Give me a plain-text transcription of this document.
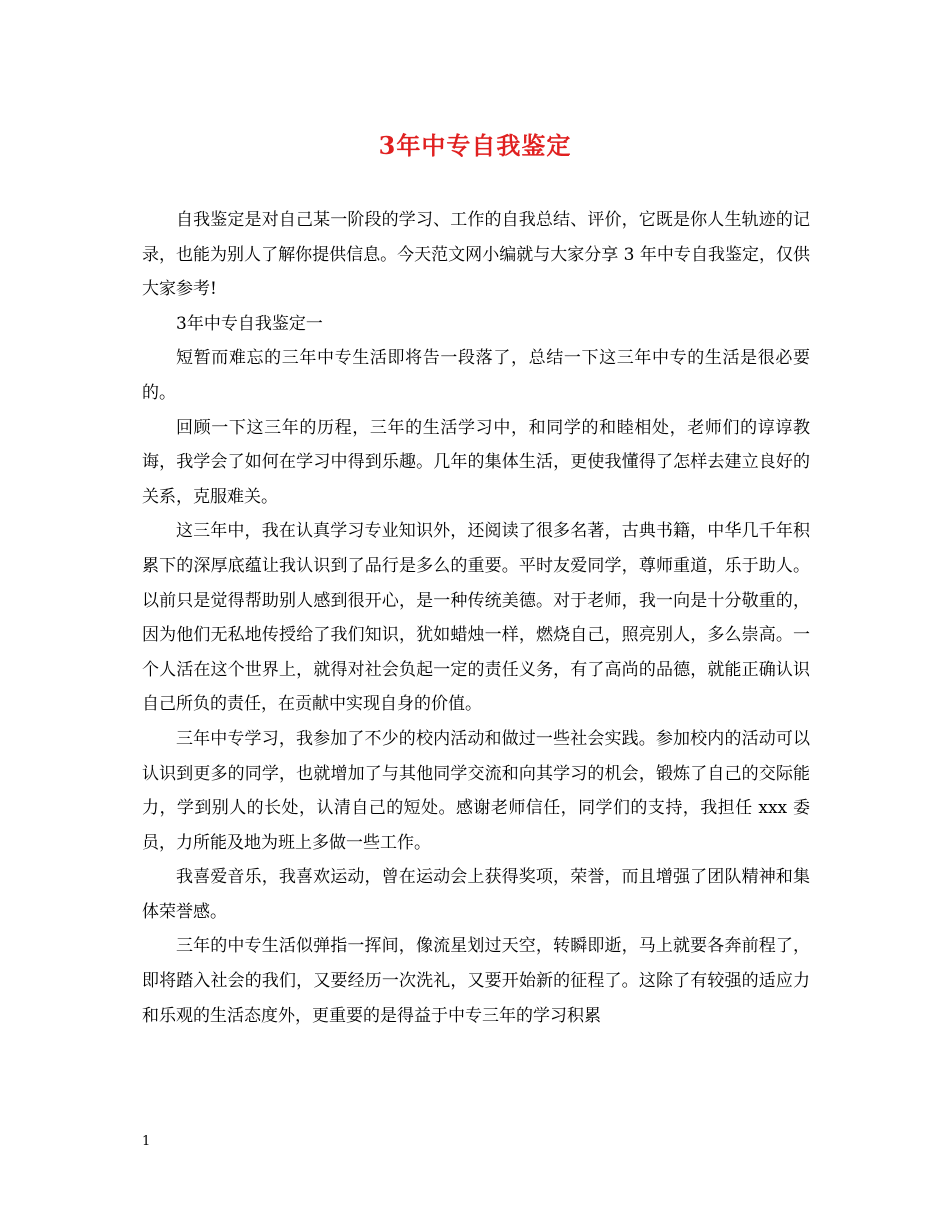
3年中专自我鉴定

自我鉴定是对自己某一阶段的学习、工作的自我总结、评价，它既是你人生轨迹的记录，也能为别人了解你提供信息。今天范文网小编就与大家分享 3 年中专自我鉴定，仅供大家参考!

3年中专自我鉴定一

短暂而难忘的三年中专生活即将告一段落了，总结一下这三年中专的生活是很必要的。

回顾一下这三年的历程，三年的生活学习中，和同学的和睦相处，老师们的谆谆教诲，我学会了如何在学习中得到乐趣。几年的集体生活，更使我懂得了怎样去建立良好的关系，克服难关。

这三年中，我在认真学习专业知识外，还阅读了很多名著，古典书籍，中华几千年积累下的深厚底蕴让我认识到了品行是多么的重要。平时友爱同学，尊师重道，乐于助人。以前只是觉得帮助别人感到很开心，是一种传统美德。对于老师，我一向是十分敬重的，因为他们无私地传授给了我们知识，犹如蜡烛一样，燃烧自己，照亮别人，多么崇高。一个人活在这个世界上，就得对社会负起一定的责任义务，有了高尚的品德，就能正确认识自己所负的责任，在贡献中实现自身的价值。

三年中专学习，我参加了不少的校内活动和做过一些社会实践。参加校内的活动可以认识到更多的同学，也就增加了与其他同学交流和向其学习的机会，锻炼了自己的交际能力，学到别人的长处，认清自己的短处。感谢老师信任，同学们的支持，我担任 xxx 委员，力所能及地为班上多做一些工作。

我喜爱音乐，我喜欢运动，曾在运动会上获得奖项，荣誉，而且增强了团队精神和集体荣誉感。

三年的中专生活似弹指一挥间，像流星划过天空，转瞬即逝，马上就要各奔前程了，即将踏入社会的我们，又要经历一次洗礼，又要开始新的征程了。这除了有较强的适应力和乐观的生活态度外，更重要的是得益于中专三年的学习积累

1
